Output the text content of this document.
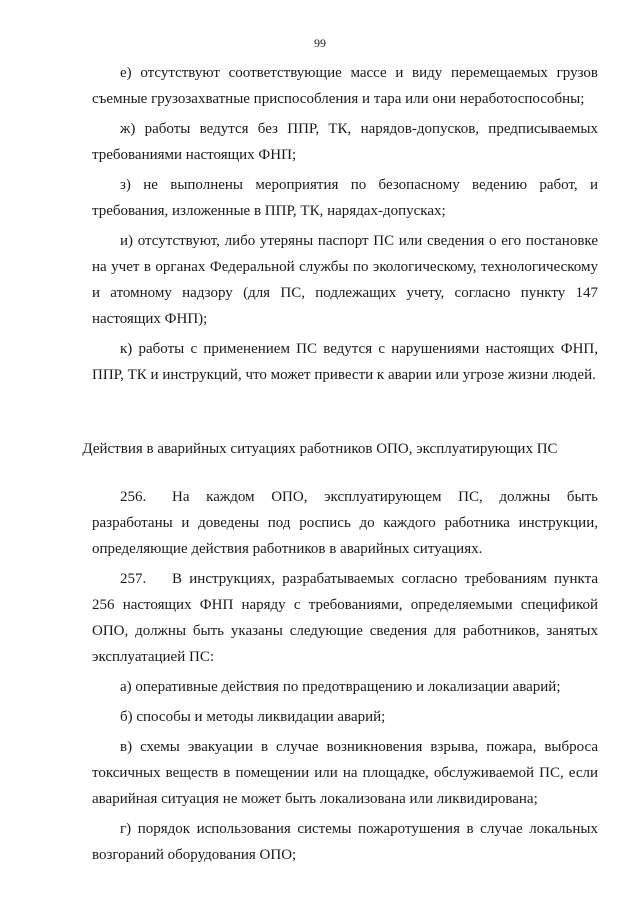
99

е) отсутствуют соответствующие массе и виду перемещаемых грузов съемные грузозахватные приспособления и тара или они неработоспособны;

ж) работы ведутся без ППР, ТК, нарядов-допусков, предписываемых требованиями настоящих ФНП;

з) не выполнены мероприятия по безопасному ведению работ, и требования, изложенные в ППР, ТК, нарядах-допусках;

и) отсутствуют, либо утеряны паспорт ПС или сведения о его постановке на учет в органах Федеральной службы по экологическому, технологическому и атомному надзору (для ПС, подлежащих учету, согласно пункту 147 настоящих ФНП);

к) работы с применением ПС ведутся с нарушениями настоящих ФНП, ППР, ТК и инструкций, что может привести к аварии или угрозе жизни людей.

Действия в аварийных ситуациях работников ОПО, эксплуатирующих ПС

256. На каждом ОПО, эксплуатирующем ПС, должны быть разработаны и доведены под роспись до каждого работника инструкции, определяющие действия работников в аварийных ситуациях.

257. В инструкциях, разрабатываемых согласно требованиям пункта 256 настоящих ФНП наряду с требованиями, определяемыми спецификой ОПО, должны быть указаны следующие сведения для работников, занятых эксплуатацией ПС:

а) оперативные действия по предотвращению и локализации аварий;

б) способы и методы ликвидации аварий;

в) схемы эвакуации в случае возникновения взрыва, пожара, выброса токсичных веществ в помещении или на площадке, обслуживаемой ПС, если аварийная ситуация не может быть локализована или ликвидирована;

г) порядок использования системы пожаротушения в случае локальных возгораний оборудования ОПО;
